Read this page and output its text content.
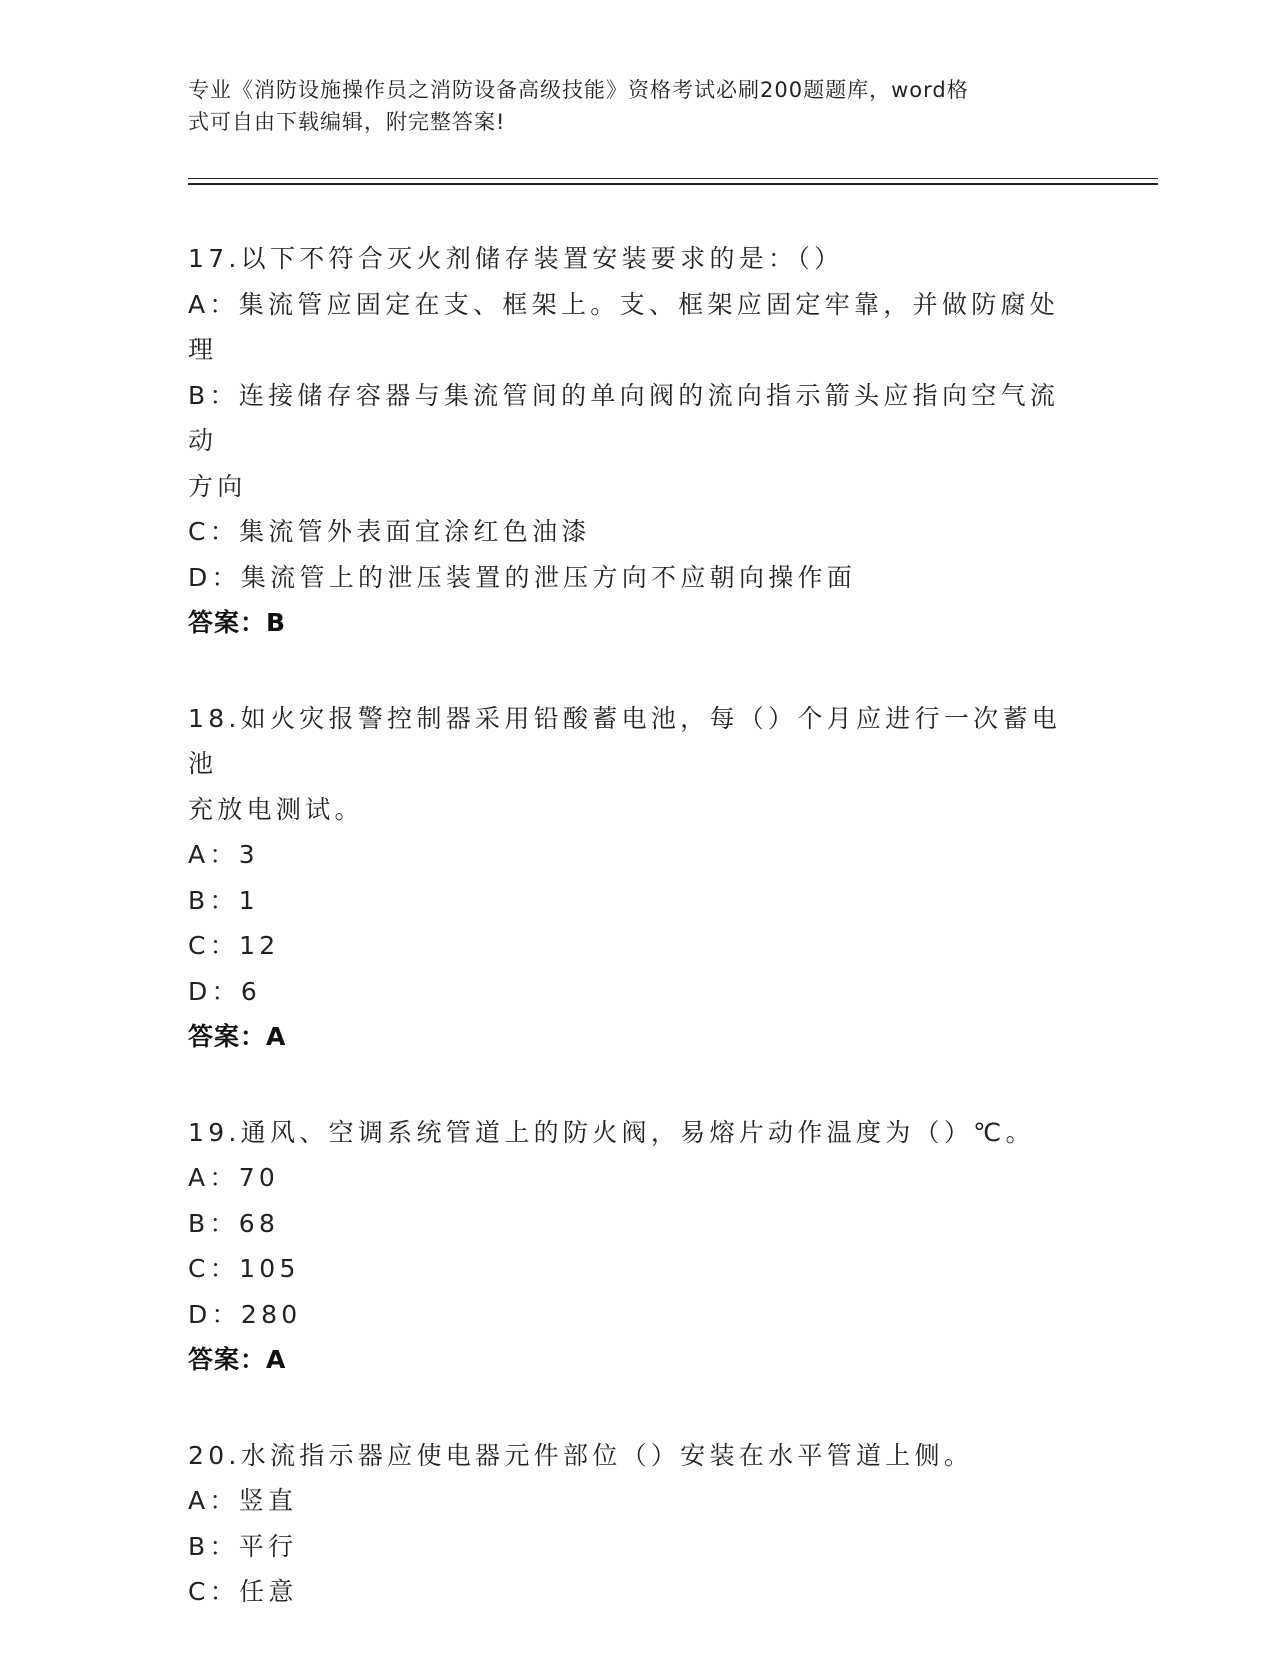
专业《消防设施操作员之消防设备高级技能》资格考试必刷200题题库，word格
式可自由下载编辑，附完整答案!
17.以下不符合灭火剂储存装置安装要求的是：（）
A：集流管应固定在支、框架上。支、框架应固定牢靠，并做防腐处理
B：连接储存容器与集流管间的单向阀的流向指示箭头应指向空气流动
方向
C：集流管外表面宜涂红色油漆
D：集流管上的泄压装置的泄压方向不应朝向操作面
答案：B
18.如火灾报警控制器采用铅酸蓄电池，每（）个月应进行一次蓄电池
充放电测试。
A：3
B：1
C：12
D：6
答案：A
19.通风、空调系统管道上的防火阀，易熔片动作温度为（）℃。
A：70
B：68
C：105
D：280
答案：A
20.水流指示器应使电器元件部位（）安装在水平管道上侧。
A：竖直
B：平行
C：任意
